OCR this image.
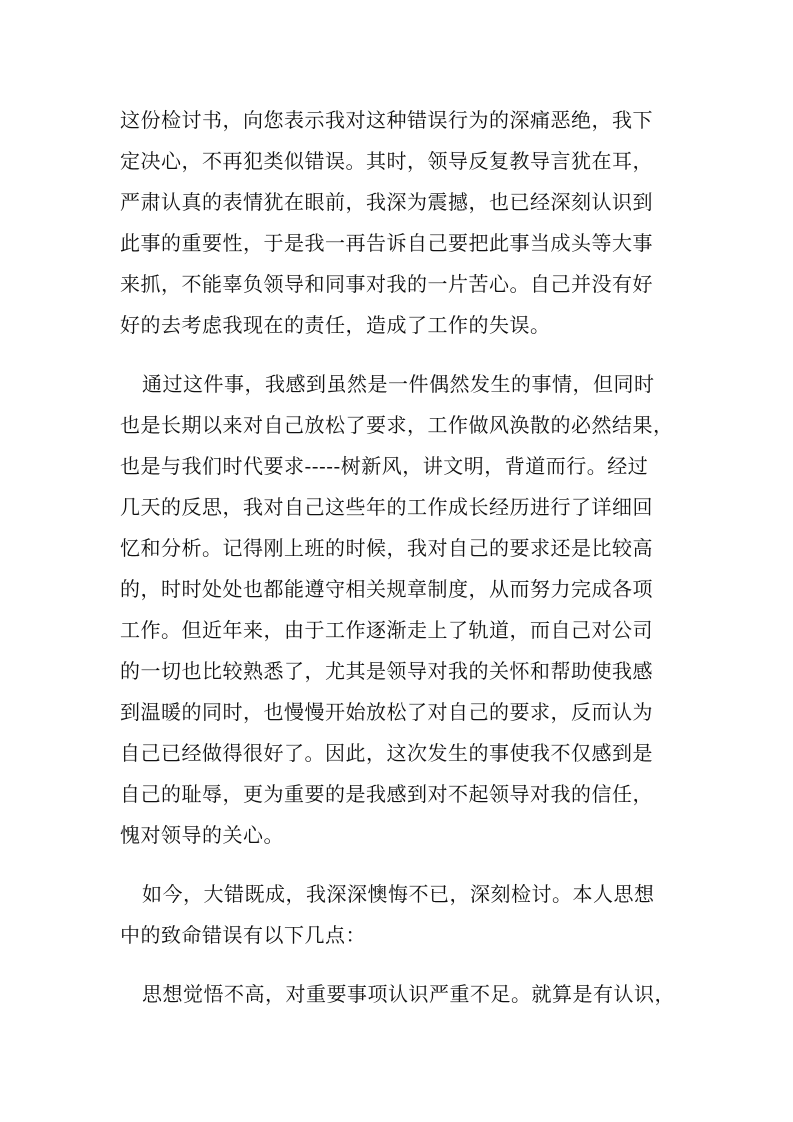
这份检讨书，向您表示我对这种错误行为的深痛恶绝，我下

定决心，不再犯类似错误。其时，领导反复教导言犹在耳，

严肃认真的表情犹在眼前，我深为震撼，也已经深刻认识到

此事的重要性，于是我一再告诉自己要把此事当成头等大事

来抓，不能辜负领导和同事对我的一片苦心。自己并没有好

好的去考虑我现在的责任，造成了工作的失误。

通过这件事，我感到虽然是一件偶然发生的事情，但同时

也是长期以来对自己放松了要求，工作做风涣散的必然结果，

也是与我们时代要求-----树新风，讲文明，背道而行。经过

几天的反思，我对自己这些年的工作成长经历进行了详细回

忆和分析。记得刚上班的时候，我对自己的要求还是比较高

的，时时处处也都能遵守相关规章制度，从而努力完成各项

工作。但近年来，由于工作逐渐走上了轨道，而自己对公司

的一切也比较熟悉了，尤其是领导对我的关怀和帮助使我感

到温暖的同时，也慢慢开始放松了对自己的要求，反而认为

自己已经做得很好了。因此，这次发生的事使我不仅感到是

自己的耻辱，更为重要的是我感到对不起领导对我的信任，

愧对领导的关心。

如今，大错既成，我深深懊悔不已，深刻检讨。本人思想

中的致命错误有以下几点：

思想觉悟不高，对重要事项认识严重不足。就算是有认识，
